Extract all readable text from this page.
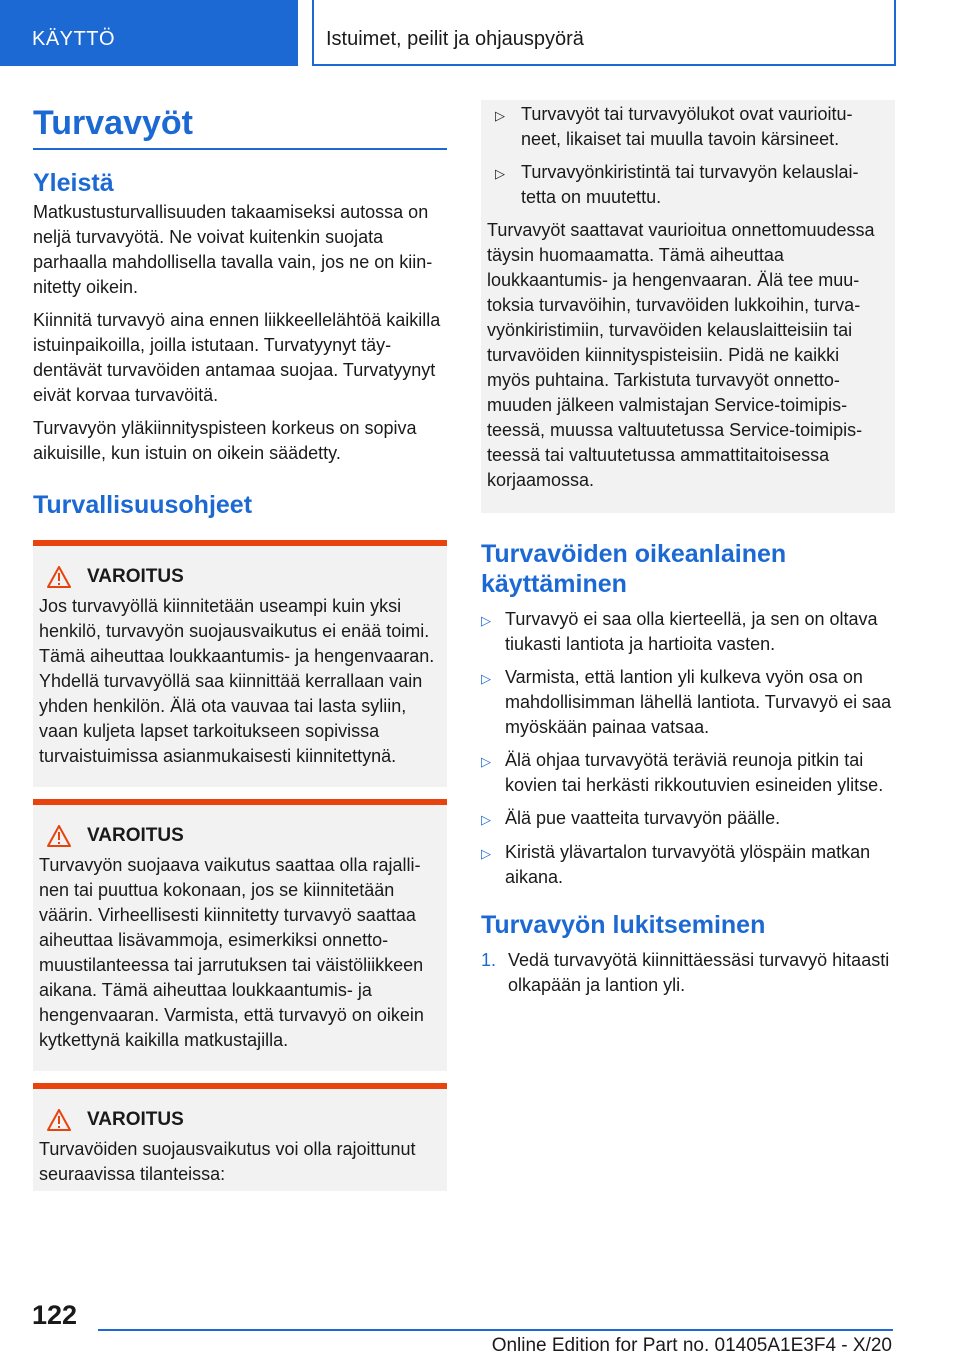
KÄYTTÖ	Istuimet, peilit ja ohjauspyörä
Turvavyöt
Yleistä

Matkustusturvallisuuden takaamiseksi autossa on neljä turvavyötä. Ne voivat kuitenkin suojata parhaalla mahdollisella tavalla vain, jos ne on kiinnitetty oikein.

Kiinnitä turvavyö aina ennen liikkeellelähtöä kaikilla istuinpaikoilla, joilla istutaan. Turvatyynyt täydentävät turvavöiden antamaa suojaa. Turvatyynyt eivät korvaa turvavöitä.

Turvavyön yläkiinnityspisteen korkeus on sopiva aikuisille, kun istuin on oikein säädetty.

Turvallisuusohjeet
VAROITUS

Jos turvavyöllä kiinnitetään useampi kuin yksi henkilö, turvavyön suojausvaikutus ei enää toimi. Tämä aiheuttaa loukkaantumis- ja hengenvaaran. Yhdellä turvavyöllä saa kiinnittää kerrallaan vain yhden henkilön. Älä ota vauvaa tai lasta syliin, vaan kuljeta lapset tarkoitukseen sopivissa turvaistuimissa asianmukaisesti kiinnitettynä.

VAROITUS

Turvavyön suojaava vaikutus saattaa olla rajallinen tai puuttua kokonaan, jos se kiinnitetään väärin. Virheellisesti kiinnitetty turvavyö saattaa aiheuttaa lisävammoja, esimerkiksi onnettomuustilanteessa tai jarrutuksen tai väistöliikkeen aikana. Tämä aiheuttaa loukkaantumis- ja hengenvaaran. Varmista, että turvavyö on oikein kytkettynä kaikilla matkustajilla.

VAROITUS

Turvavöiden suojausvaikutus voi olla rajoittunut seuraavissa tilanteissa:

▷ Turvavyöt tai turvavyölukot ovat vaurioituneet, likaiset tai muulla tavoin kärsineet.
▷ Turvavyönkiristintä tai turvavyön kelauslaitetta on muutettu.

Turvavyöt saattavat vaurioitua onnettomuudessa täysin huomaamatta. Tämä aiheuttaa loukkaantumis- ja hengenvaaran. Älä tee muutoksia turvavöihin, turvavöiden lukkoihin, turvavyönkiristimiin, turvavöiden kelauslaitteisiin tai turvavöiden kiinnityspisteisiin. Pidä ne kaikki myös puhtaina. Tarkistuta turvavyöt onnettomuuden jälkeen valmistajan Service-toimipisteessä, muussa valtuutetussa Service-toimipisteessä tai valtuutetussa ammattitaitoisessa korjaamossa.

Turvavöiden oikeanlainen käyttäminen
▷ Turvavyö ei saa olla kierteellä, ja sen on oltava tiukasti lantiota ja hartioita vasten.
▷ Varmista, että lantion yli kulkeva vyön osa on mahdollisimman lähellä lantiota. Turvavyö ei saa myöskään painaa vatsaa.
▷ Älä ohjaa turvavyötä teräviä reunoja pitkin tai kovien tai herkästi rikkoutuvien esineiden ylitse.
▷ Älä pue vaatteita turvavyön päälle.
▷ Kiristä ylävartalon turvavyötä ylöspäin matkan aikana.
Turvavyön lukitseminen
1. Vedä turvavyötä kiinnittäessäsi turvavyö hitaasti olkapään ja lantion yli.
122
Online Edition for Part no. 01405A1E3F4 - X/20
